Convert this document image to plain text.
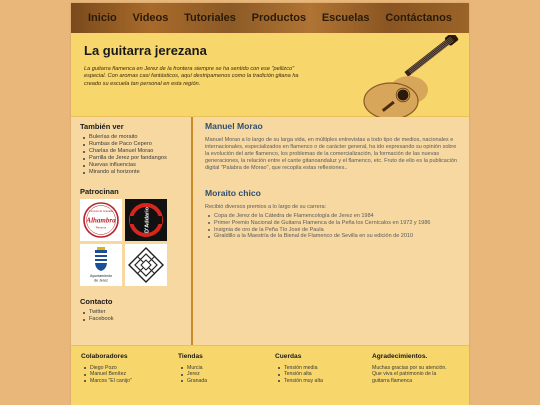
Inicio Videos Tutoriales Productos Escuelas Contáctanos
La guitarra jerezana

La guitarra flamenca en Jerez de la frontera siempre se ha sentido con ese "pellizco" especial. Con aromas casi fantásticos, aquí destripamenos como la tradición gitana ha creado su escuela tan personal en esta región.

También ver
Bulerías de moraito
Rumbas de Paco Cepero
Charlas de Manuel Morao
Parrilla de Jerez por fandangos
Nuevas influencias
Mirando al horizonte
Patrocinan
Cerveza de Granada
Alhambra
Reserva	D'Addario
Ayuntamiento
de Jerez
Contacto
Twitter
Facebook
Manuel Morao

Manuel Morao a lo largo de su larga vida, en múltiples entrevistas a todo tipo de medios, nacionales e internacionales, especializados en flamenco o de carácter general, ha ido expresando su opinión sobre la evolución del arte flamenco, los problemas de la comercialización, la formación de las nuevas generaciones, la relación entre el cante gitanoandaluz y el flamenco, etc. Fruto de ello es la publicación digital "Palabra de Morao", que recopila estas reflexiones..

Moraito chico

Recibió diversos premios a lo largo de su carrera:

Copa de Jerez de la Cátedra de Flamencología de Jerez en 1984
Primer Premio Nacional de Guitarra Flamenca de la Peña los Cernícalos en 1972 y 1986
Insignia de oro de la Peña Tío José de Paula
Giraldillo a la Maestría de la Bienal de Flamenco de Sevilla en su edición de 2010
Colaboradores
Diego Pozo
Manuel Benítez
Marcos "El canijo"
Tiendas
Murcia
Jerez
Granada
Cuerdas
Tensión media
Tensión alta
Tensión muy alta
Agradecimientos.

Muchas gracias por su atención. Que viva el patrimonio de la guitarra flamenca
